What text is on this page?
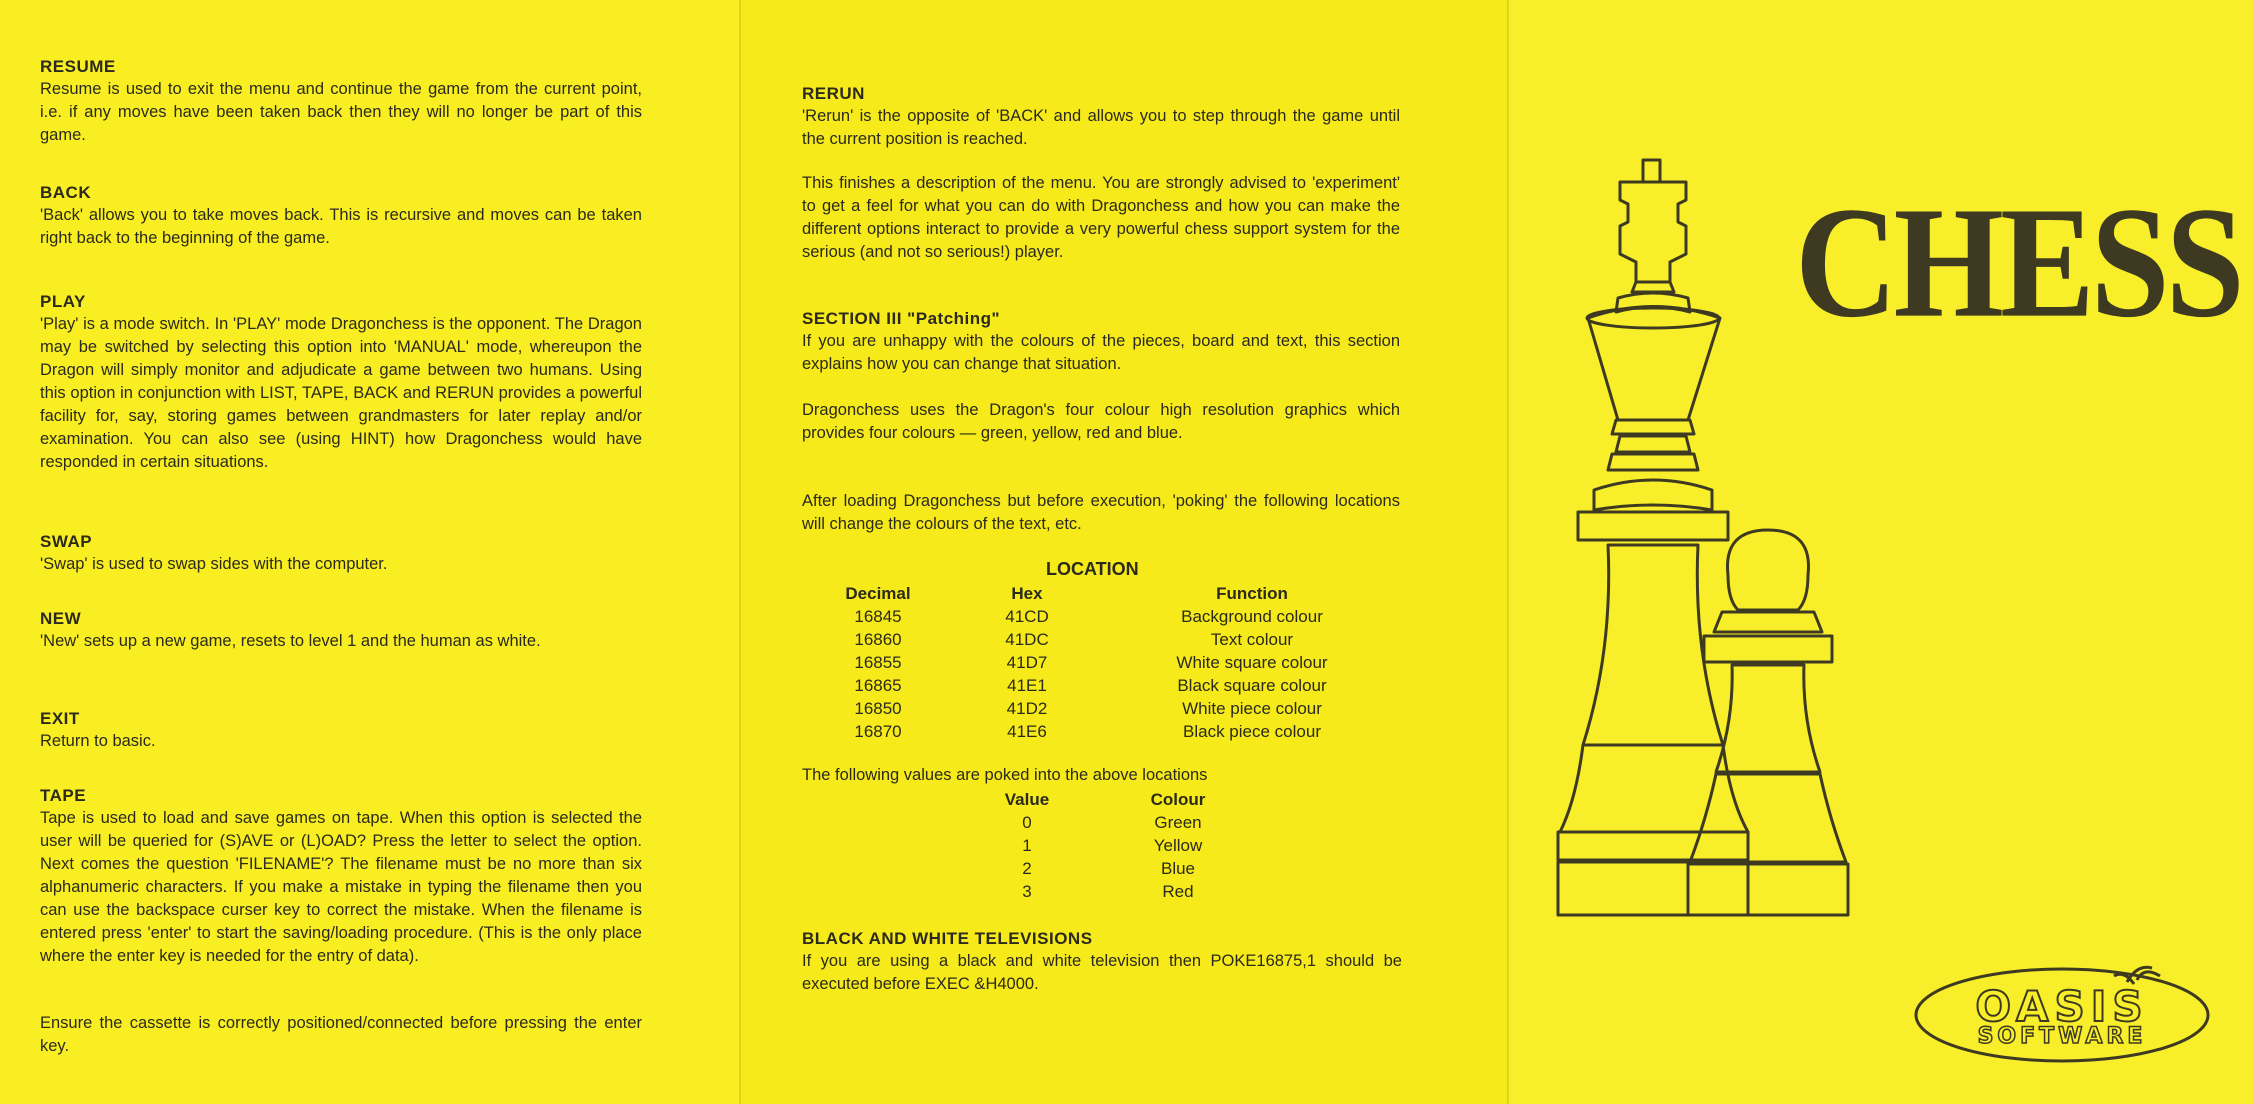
RESUME

Resume is used to exit the menu and continue the game from the current point, i.e. if any moves have been taken back then they will no longer be part of this game.

BACK

'Back' allows you to take moves back. This is recursive and moves can be taken right back to the beginning of the game.

PLAY

'Play' is a mode switch. In 'PLAY' mode Dragonchess is the opponent. The Dragon may be switched by selecting this option into 'MANUAL' mode, whereupon the Dragon will simply monitor and adjudicate a game between two humans. Using this option in conjunction with LIST, TAPE, BACK and RERUN provides a powerful facility for, say, storing games between grandmasters for later replay and/or examination. You can also see (using HINT) how Dragonchess would have responded in certain situations.

SWAP

'Swap' is used to swap sides with the computer.

NEW

'New' sets up a new game, resets to level 1 and the human as white.

EXIT

Return to basic.

TAPE

Tape is used to load and save games on tape. When this option is selected the user will be queried for (S)AVE or (L)OAD? Press the letter to select the option. Next comes the question 'FILENAME'? The filename must be no more than six alphanumeric characters. If you make a mistake in typing the filename then you can use the backspace curser key to correct the mistake. When the filename is entered press 'enter' to start the saving/loading procedure. (This is the only place where the enter key is needed for the entry of data).

Ensure the cassette is correctly positioned/connected before pressing the enter key.

RERUN

'Rerun' is the opposite of 'BACK' and allows you to step through the game until the current position is reached.

This finishes a description of the menu. You are strongly advised to 'experiment' to get a feel for what you can do with Dragonchess and how you can make the different options interact to provide a very powerful chess support system for the serious (and not so serious!) player.

SECTION III "Patching"

If you are unhappy with the colours of the pieces, board and text, this section explains how you can change that situation.

Dragonchess uses the Dragon's four colour high resolution graphics which provides four colours — green, yellow, red and blue.

After loading Dragonchess but before execution, 'poking' the following locations will change the colours of the text, etc.

LOCATION
Decimal	Hex	Function
16845	41CD	Background colour
16860	41DC	Text colour
16855	41D7	White square colour
16865	41E1	Black square colour
16850	41D2	White piece colour
16870	41E6	Black piece colour

The following values are poked into the above locations

Value	Colour
0	Green
1	Yellow
2	Blue
3	Red
BLACK AND WHITE TELEVISIONS

If you are using a black and white television then POKE16875,1 should be executed before EXEC &H4000.

CHESS
OASIS
SOFTWARE
